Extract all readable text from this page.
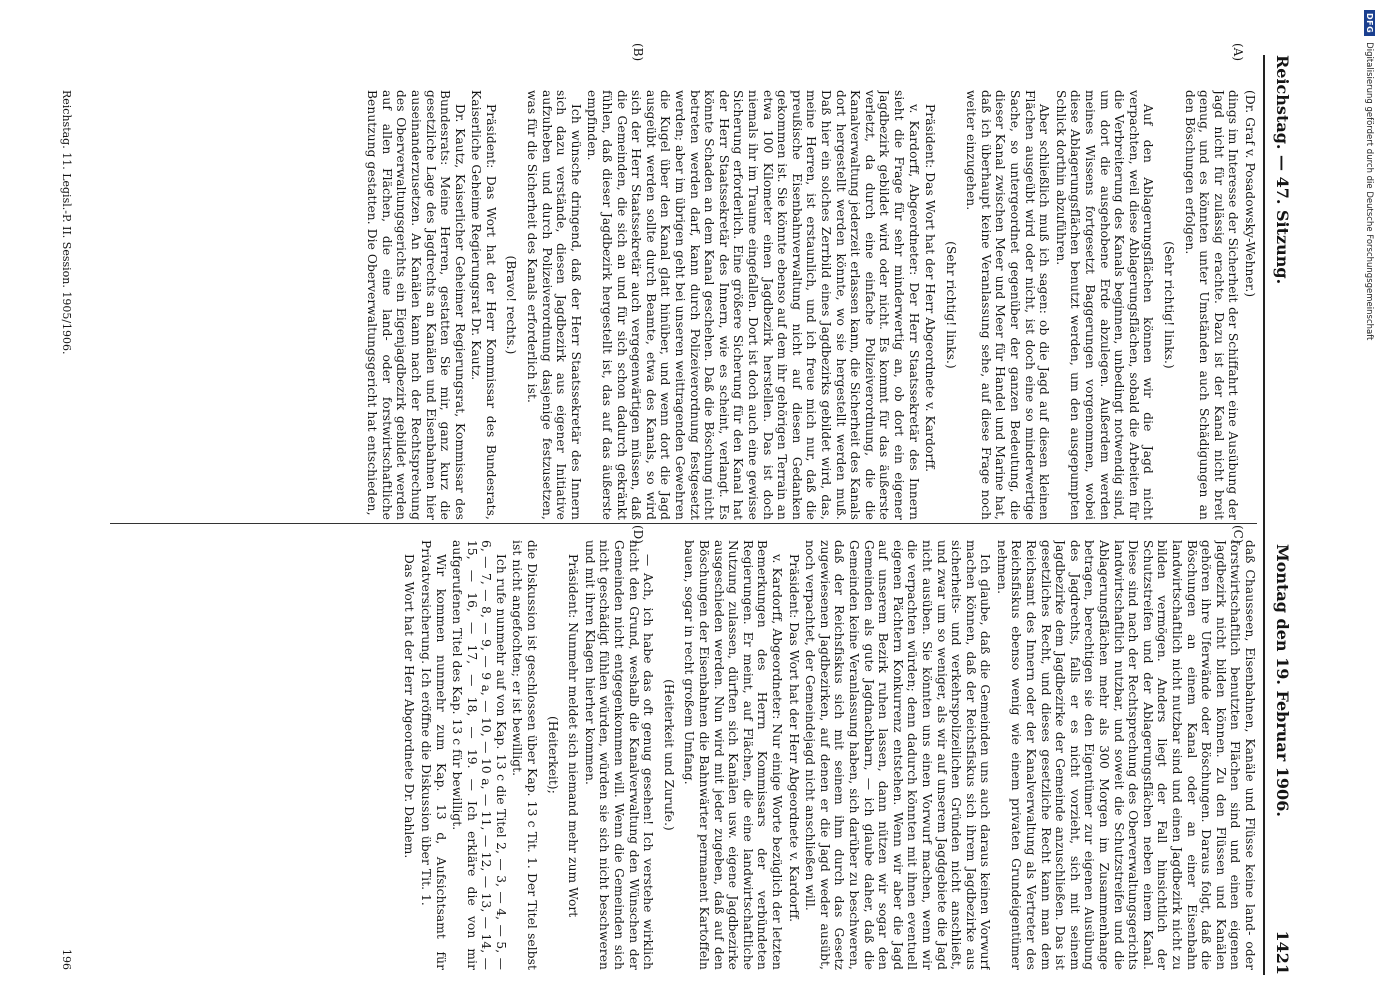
Reichstag. — 47. Sitzung.
Montag den 19. Februar 1906.
1421
(A)
(B)
(C)
(D)

(Dr. Graf v. Posadowsky-Wehner.)

dings im Interesse der Sicherheit der Schiffahrt eine Ausübung der Jagd nicht für zulässig erachte. Dazu ist der Kanal nicht breit genug, und es könnten unter Umständen auch Schädigungen an den Böschungen erfolgen.

(Sehr richtig! links.)

Auf den Ablagerungsflächen können wir die Jagd nicht verpachten, weil diese Ablagerungsflächen, sobald die Arbeiten für die Verbreiterung des Kanals beginnen, unbedingt notwendig sind, um dort die ausgehobene Erde abzulegen. Außerdem werden meines Wissens fortgesetzt Baggerungen vorgenommen, wobei diese Ablagerungsflächen benutzt werden, um den ausgepumpten Schlick dorthin abzuführen.

Aber schließlich muß ich sagen: ob die Jagd auf diesen kleinen Flächen ausgeübt wird oder nicht, ist doch eine so minderwertige Sache, so untergeordnet gegenüber der ganzen Bedeutung, die dieser Kanal zwischen Meer und Meer für Handel und Marine hat, daß ich überhaupt keine Veranlassung sehe, auf diese Frage noch weiter einzugehen.

(Sehr richtig! links.)

Präsident: Das Wort hat der Herr Abgeordnete v. Kardorff.

v. Kardorff, Abgeordneter: Der Herr Staatssekretär des Innern sieht die Frage für sehr minderwertig an, ob dort ein eigener Jagdbezirk gebildet wird oder nicht. Es kommt für das äußerste verletzt, da durch eine einfache Polizeiverordnung, die die Kanalverwaltung jederzeit erlassen kann, die Sicherheit des Kanals dort hergestellt werden könnte, wo sie hergestellt werden muß. Daß hier ein solches Zerrbild eines Jagdbezirks gebildet wird, das, meine Herren, ist erstaunlich, und ich freue mich nur, daß die preußische Eisenbahnverwaltung nicht auf diesen Gedanken gekommen ist. Sie könnte ebenso auf dem ihr gehörigen Terrain an etwa 100 Kilometer einen Jagdbezirk herstellen. Das ist doch niemals ihr im Traume eingefallen. Dort ist doch auch eine gewisse Sicherung erforderlich. Eine größere Sicherung für den Kanal hat der Herr Staatssekretär des Innern, wie es scheint, verlangt. Es könnte Schaden an dem Kanal geschehen. Daß die Böschung nicht betreten werden darf, kann durch Polizeiverordnung festgesetzt werden; aber im übrigen geht bei unseren weittragenden Gewehren die Kugel über den Kanal glatt hinüber, und wenn dort die Jagd ausgeübt werden sollte durch Beamte, etwa des Kanals, so wird sich der Herr Staatssekretär auch vergegenwärtigen müssen, daß die Gemeinden, die sich an und für sich schon dadurch gekränkt fühlen, daß dieser Jagdbezirk hergestellt ist, das auf das äußerste empfinden.

Ich wünsche dringend, daß der Herr Staatssekretär des Innern sich dazu verstände, diesen Jagdbezirk aus eigener Initiative aufzuheben und durch Polizeiverordnung dasjenige festzusetzen, was für die Sicherheit des Kanals erforderlich ist.

(Bravo! rechts.)

Präsident: Das Wort hat der Herr Kommissar des Bundesrats, Kaiserliche Geheime Regierungsrat Dr. Kautz.

Dr. Kautz, Kaiserlicher Geheimer Regierungsrat, Kommissar des Bundesrats: Meine Herren, gestatten Sie mir, ganz kurz die gesetzliche Lage des Jagdrechts an Kanälen und Eisenbahnen hier auseinanderzusetzen. An Kanälen kann nach der Rechtsprechung des Oberverwaltungsgerichts ein Eigenjagdbezirk gebildet werden auf allen Flächen, die eine land- oder forstwirtschaftliche Benutzung gestatten. Die Oberverwaltungsgericht hat entschieden,

daß Chausseen, Eisenbahnen, Kanäle und Flüsse keine land- oder forstwirtschaftlich benutzten Flächen sind und einen eigenen Jagdbezirk nicht bilden können. Zu den Flüssen und Kanälen gehören ihre Uferwände oder Böschungen. Daraus folgt, daß die Böschungen an einem Kanal oder an einer Eisenbahn landwirtschaftlich nicht nutzbar sind und einen Jagdbezirk nicht zu bilden vermögen. Anders liegt der Fall hinsichtlich der Schutzstreifen und der Ablagerungsflächen neben einem Kanal. Diese sind nach der Rechtsprechung des Oberverwaltungsgerichts landwirtschaftlich nutzbar, und soweit die Schutzstreifen und die Ablagerungsflächen mehr als 300 Morgen im Zusammenhange betragen, berechtigen sie den Eigentümer zur eigenen Ausübung des Jagdrechts, falls er es nicht vorzieht, sich mit seinem Jagdbezirke dem Jagdbezirke der Gemeinde anzuschließen. Das ist gesetzliches Recht, und dieses gesetzliche Recht kann man dem Reichsamt des Innern oder der Kanalverwaltung als Vertreter des Reichsfiskus ebenso wenig wie einem privaten Grundeigentümer nehmen.

Ich glaube, daß die Gemeinden uns auch daraus keinen Vorwurf machen können, daß der Reichsfiskus sich ihrem Jagdbezirke aus sicherheits- und verkehrspolizeilichen Gründen nicht anschließt, und zwar um so weniger, als wir auf unserem Jagdgebiete die Jagd nicht ausüben. Sie könnten uns einen Vorwurf machen, wenn wir die verpachten würden; denn dadurch könnten mit ihnen eventuell eigenen Pächtern Konkurrenz entstehen. Wenn wir aber die Jagd auf unserem Bezirk ruhen lassen, dann nützen wir sogar den Gemeinden als gute Jagdnachbarn, — ich glaube daher, daß die Gemeinden keine Veranlassung haben, sich darüber zu beschweren, daß der Reichsfiskus sich mit seinem ihm durch das Gesetz zugewiesenen Jagdbezirken, auf denen er die Jagd weder ausübt, noch verpachtet, der Gemeindejagd nicht anschließen will.

Präsident: Das Wort hat der Herr Abgeordnete v. Kardorff.

v. Kardorff, Abgeordneter: Nur einige Worte bezüglich der letzten Bemerkungen des Herrn Kommissars der verbündeten Regierungen. Er meint, auf Flächen, die eine landwirtschaftliche Nutzung zulassen, dürften sich Kanälen usw. eigene Jagdbezirke ausgeschieden werden. Nun wird mit jeder zugeben, daß auf den Böschungen der Eisenbahnen die Bahnwärter permanent Kartoffeln bauen, sogar in recht großem Umfang.

(Heiterkeit und Zurufe.)

— Ach, ich habe das oft genug gesehen! Ich verstehe wirklich nicht den Grund, weshalb die Kanalverwaltung den Wünschen der Gemeinden nicht entgegenkommen will. Wenn die Gemeinden sich nicht geschädigt fühlen würden, würden sie sich nicht beschweren und mit ihren Klagen hierher kommen.

Präsident: Nunmehr meldet sich niemand mehr zum Wort

(Heiterkeit);

die Diskussion ist geschlossen über Kap. 13 c Tit. 1. Der Titel selbst ist nicht angefochten; er ist bewilligt.

Ich rufe nunmehr auf von Kap. 13 c die Titel 2, — 3, — 4, — 5, — 6, — 7, — 8, — 9, — 9 a, — 10, — 10 a, — 11, — 12, — 13, — 14, — 15, — 16, — 17, — 18, — 19. — Ich erkläre die von mir aufgerufenen Titel des Kap. 13 c für bewilligt.

Wir kommen nunmehr zum Kap. 13 d, Aufsichtsamt für Privatversicherung. Ich eröffne die Diskussion über Tit. 1.

Das Wort hat der Herr Abgeordnete Dr. Dahlem.

Reichstag. 11. Legisl.-P. II. Session. 1905/1906.
196
DFG
Digitalisierung gefördert durch die Deutsche Forschungsgemeinschaft
